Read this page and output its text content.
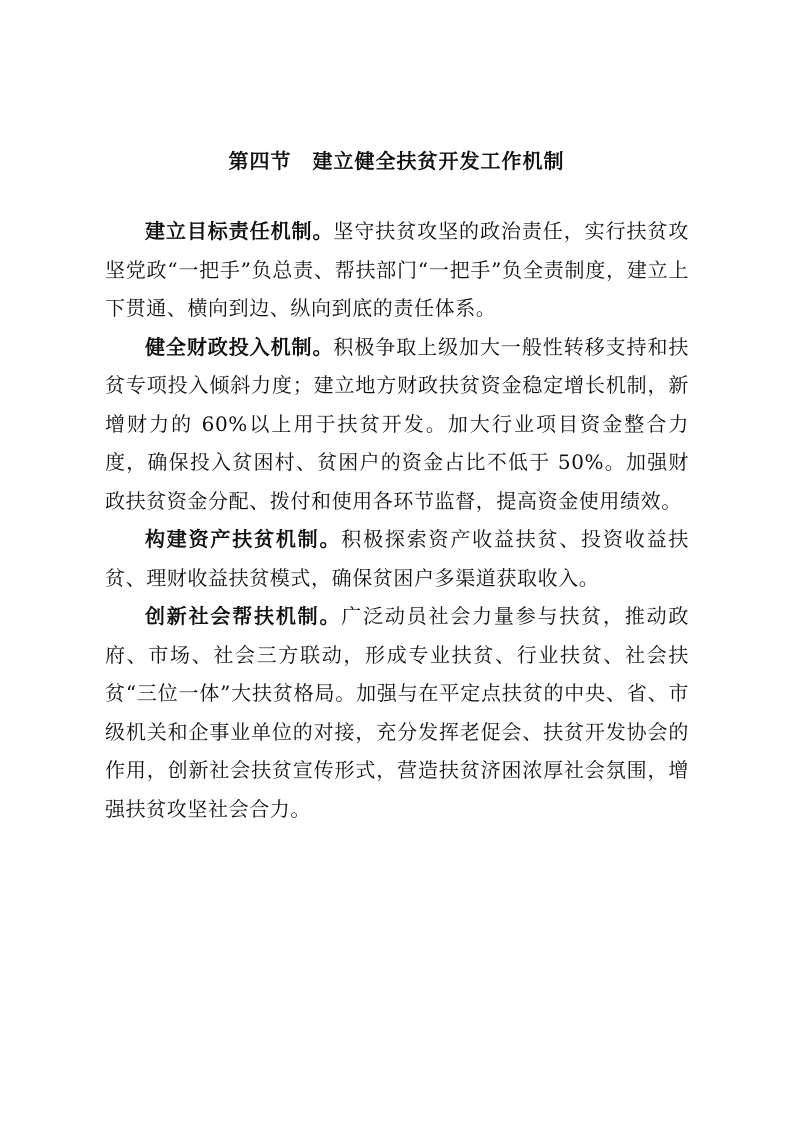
第四节　建立健全扶贫开发工作机制

建立目标责任机制。坚守扶贫攻坚的政治责任，实行扶贫攻坚党政“一把手”负总责、帮扶部门“一把手”负全责制度，建立上下贯通、横向到边、纵向到底的责任体系。

健全财政投入机制。积极争取上级加大一般性转移支持和扶贫专项投入倾斜力度；建立地方财政扶贫资金稳定增长机制，新增财力的 60%以上用于扶贫开发。加大行业项目资金整合力度，确保投入贫困村、贫困户的资金占比不低于 50%。加强财政扶贫资金分配、拨付和使用各环节监督，提高资金使用绩效。

构建资产扶贫机制。积极探索资产收益扶贫、投资收益扶贫、理财收益扶贫模式，确保贫困户多渠道获取收入。

创新社会帮扶机制。广泛动员社会力量参与扶贫，推动政府、市场、社会三方联动，形成专业扶贫、行业扶贫、社会扶贫“三位一体”大扶贫格局。加强与在平定点扶贫的中央、省、市级机关和企事业单位的对接，充分发挥老促会、扶贫开发协会的作用，创新社会扶贫宣传形式，营造扶贫济困浓厚社会氛围，增强扶贫攻坚社会合力。
